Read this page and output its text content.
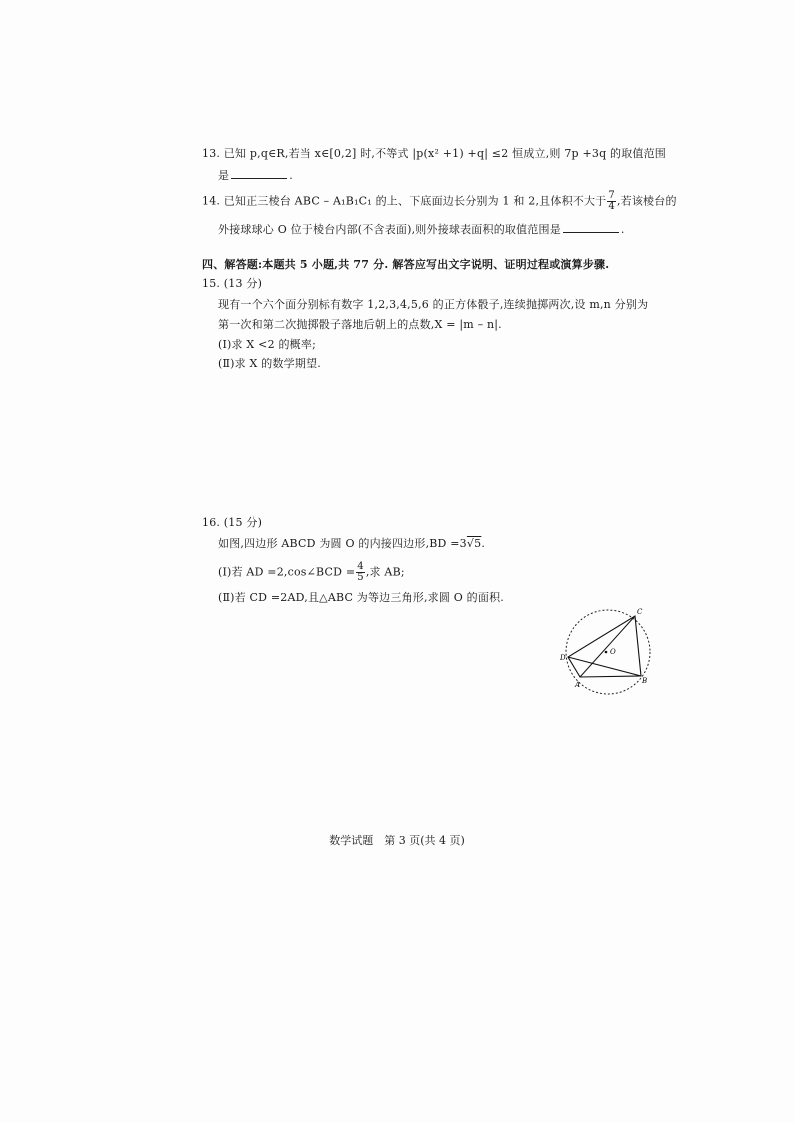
13. 已知 p,q∈R,若当 x∈[0,2] 时,不等式 |p(x² +1) +q| ≤2 恒成立,则 7p +3q 的取值范围
是	.
14. 已知正三棱台 ABC – A₁B₁C₁ 的上、下底面边长分别为 1 和 2,且体积不大于 $\frac{7}{4}$ ,若该棱台的
外接球球心 O 位于棱台内部(不含表面),则外接球表面积的取值范围是	.
四、解答题:本题共 5 小题,共 77 分. 解答应写出文字说明、证明过程或演算步骤.
15. (13 分)
现有一个六个面分别标有数字 1,2,3,4,5,6 的正方体骰子,连续抛掷两次,设 m,n 分别为
第一次和第二次抛掷骰子落地后朝上的点数,X = |m – n|.
(Ⅰ)求 X <2 的概率;
(Ⅱ)求 X 的数学期望.
16. (15 分)
如图,四边形 ABCD 为圆 O 的内接四边形,BD =3√5.
(Ⅰ)若 AD =2,cos∠BCD = $\frac{4}{5}$ ,求 AB;
(Ⅱ)若 CD =2AD,且△ABC 为等边三角形,求圆 O 的面积.
C
B
A
D
O
数学试题　第 3 页(共 4 页)
